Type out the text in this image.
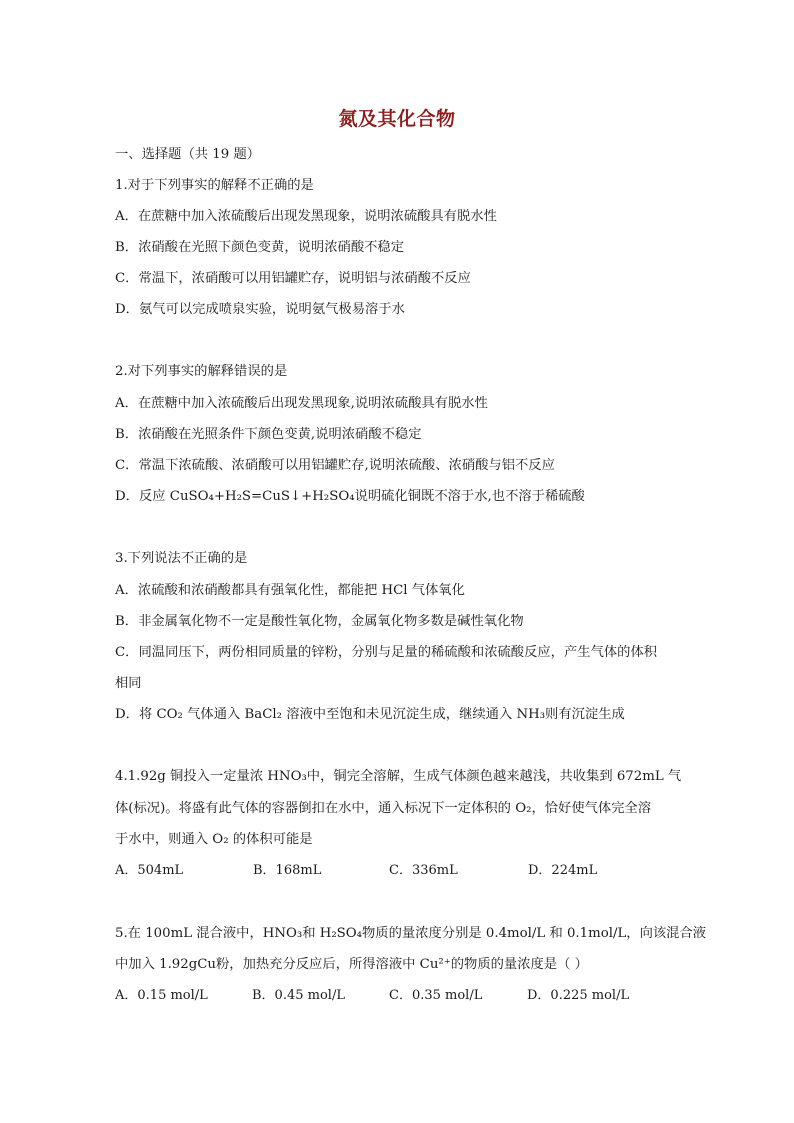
氮及其化合物
一、选择题（共 19 题）
1.对于下列事实的解释不正确的是
A．在蔗糖中加入浓硫酸后出现发黑现象，说明浓硫酸具有脱水性
B．浓硝酸在光照下颜色变黄，说明浓硝酸不稳定
C．常温下，浓硝酸可以用铝罐贮存，说明铝与浓硝酸不反应
D．氨气可以完成喷泉实验，说明氨气极易溶于水
2.对下列事实的解释错误的是
A．在蔗糖中加入浓硫酸后出现发黑现象,说明浓硫酸具有脱水性
B．浓硝酸在光照条件下颜色变黄,说明浓硝酸不稳定
C．常温下浓硫酸、浓硝酸可以用铝罐贮存,说明浓硫酸、浓硝酸与铝不反应
D．反应 CuSO₄+H₂S=CuS↓+H₂SO₄说明硫化铜既不溶于水,也不溶于稀硫酸
3.下列说法不正确的是
A．浓硫酸和浓硝酸都具有强氧化性，都能把 HCl 气体氧化
B．非金属氧化物不一定是酸性氧化物，金属氧化物多数是碱性氧化物
C．同温同压下，两份相同质量的锌粉，分别与足量的稀硫酸和浓硫酸反应，产生气体的体积
相同
D．将 CO₂ 气体通入 BaCl₂ 溶液中至饱和未见沉淀生成，继续通入 NH₃则有沉淀生成
4.1.92g 铜投入一定量浓 HNO₃中，铜完全溶解，生成气体颜色越来越浅，共收集到 672mL 气
体(标况)。将盛有此气体的容器倒扣在水中，通入标况下一定体积的 O₂，恰好使气体完全溶
于水中，则通入 O₂ 的体积可能是
A．504mL	B．168mL	C．336mL	D．224mL
5.在 100mL 混合液中，HNO₃和 H₂SO₄物质的量浓度分别是 0.4mol/L 和 0.1mol/L，向该混合液
中加入 1.92gCu粉，加热充分反应后，所得溶液中 Cu²⁺的物质的量浓度是（ ）
A．0.15 mol/L	B．0.45 mol/L	C．0.35 mol/L	D．0.225 mol/L
